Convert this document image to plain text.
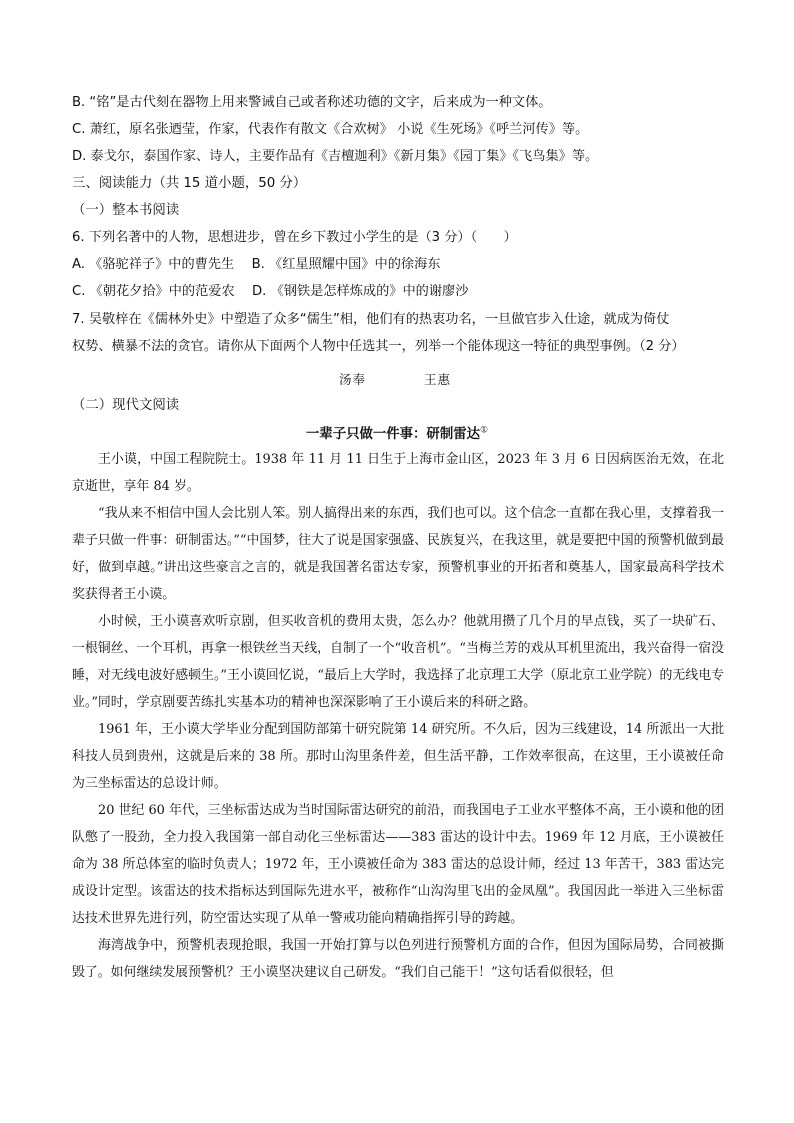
B. “铭”是古代刻在器物上用来警诫自己或者称述功德的文字，后来成为一种文体。
C. 萧红，原名张迺莹，作家，代表作有散文《合欢树》 小说《生死场》《呼兰河传》等。
D. 泰戈尔，泰国作家、诗人，主要作品有《吉檀迦利》《新月集》《园丁集》《飞鸟集》等。
三、阅读能力（共 15 道小题，50 分）
（一）整本书阅读
6. 下列名著中的人物，思想进步，曾在乡下教过小学生的是（3 分）（　　）
A. 《骆驼祥子》中的曹先生　 B. 《红星照耀中国》中的徐海东
C. 《朝花夕拾》中的范爱农　 D. 《钢铁是怎样炼成的》中的谢廖沙
7. 吴敬梓在《儒林外史》中塑造了众多“儒生”相，他们有的热衷功名，一旦做官步入仕途，就成为倚仗
权势、横暴不法的贪官。请你从下面两个人物中任选其一，列举一个能体现这一特征的典型事例。（2 分）
汤奉	王惠
（二）现代文阅读
一辈子只做一件事：研制雷达①
王小谟，中国工程院院士。1938 年 11 月 11 日生于上海市金山区，2023 年 3 月 6 日因病医治无效，在北京逝世，享年 84 岁。
“我从来不相信中国人会比别人笨。别人搞得出来的东西，我们也可以。这个信念一直都在我心里，支撑着我一辈子只做一件事：研制雷达。”“中国梦，往大了说是国家强盛、民族复兴，在我这里，就是要把中国的预警机做到最好，做到卓越。”讲出这些豪言之言的，就是我国著名雷达专家，预警机事业的开拓者和奠基人，国家最高科学技术奖获得者王小谟。
小时候，王小谟喜欢听京剧，但买收音机的费用太贵，怎么办？他就用攒了几个月的早点钱，买了一块矿石、一根铜丝、一个耳机，再拿一根铁丝当天线，自制了一个“收音机”。“当梅兰芳的戏从耳机里流出，我兴奋得一宿没睡，对无线电波好感顿生。”王小谟回忆说，“最后上大学时，我选择了北京理工大学（原北京工业学院）的无线电专业。”同时，学京剧要苦练扎实基本功的精神也深深影响了王小谟后来的科研之路。
1961 年，王小谟大学毕业分配到国防部第十研究院第 14 研究所。不久后，因为三线建设，14 所派出一大批科技人员到贵州，这就是后来的 38 所。那时山沟里条件差，但生活平静，工作效率很高，在这里，王小谟被任命为三坐标雷达的总设计师。
20 世纪 60 年代，三坐标雷达成为当时国际雷达研究的前沿，而我国电子工业水平整体不高，王小谟和他的团队憋了一股劲，全力投入我国第一部自动化三坐标雷达——383 雷达的设计中去。1969 年 12 月底，王小谟被任命为 38 所总体室的临时负责人；1972 年，王小谟被任命为 383 雷达的总设计师，经过 13 年苦干，383 雷达完成设计定型。该雷达的技术指标达到国际先进水平，被称作“山沟沟里飞出的金凤凰”。我国因此一举进入三坐标雷达技术世界先进行列，防空雷达实现了从单一警戒功能向精确指挥引导的跨越。
海湾战争中，预警机表现抢眼，我国一开始打算与以色列进行预警机方面的合作，但因为国际局势，合同被撕毁了。如何继续发展预警机？王小谟坚决建议自己研发。“我们自己能干！”这句话看似很轻，但
